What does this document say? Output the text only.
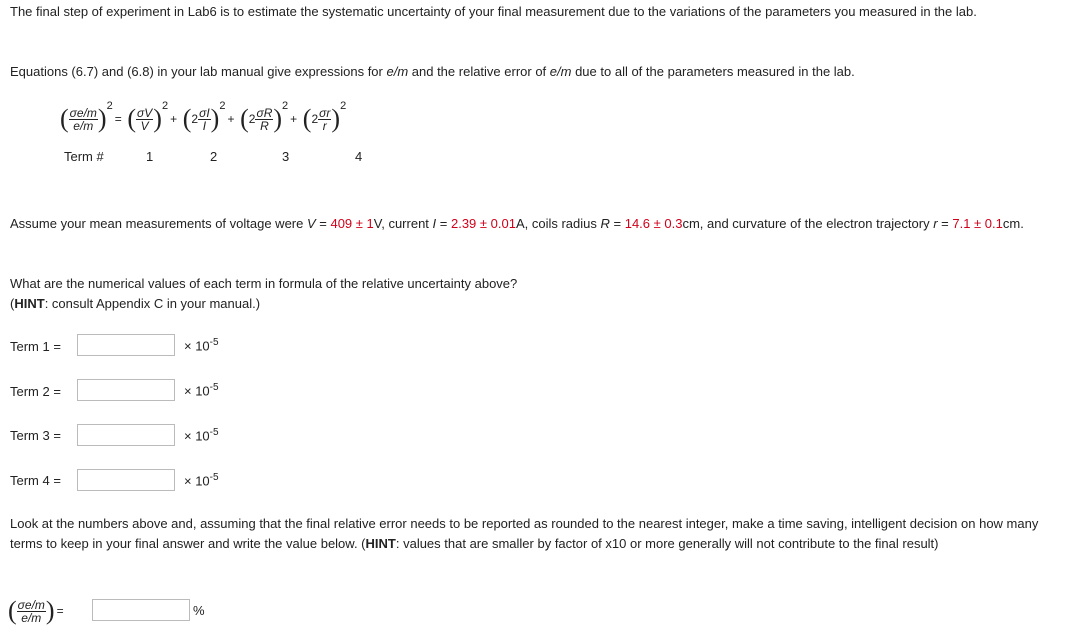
The final step of experiment in Lab6 is to estimate the systematic uncertainty of your final measurement due to the variations of the parameters you measured in the lab.

Equations (6.7) and (6.8) in your lab manual give expressions for e/m and the relative error of e/m due to all of the parameters measured in the lab.

( $\frac{\sigma e/m}{e/m} )^2=$ ( $\frac{\sigma V}{V} )^2+ (2 \frac{\sigma I}{I} )^2+ (2 \frac{\sigma R}{R} )^2+ (2 \frac{\sigma r}{r} )^2$
Term #	1	2	3	4

Assume your mean measurements of voltage were V = 409 ± 1V, current I = 2.39 ± 0.01A, coils radius R = 14.6 ± 0.3cm, and curvature of the electron trajectory r = 7.1 ± 0.1cm.

What are the numerical values of each term in formula of the relative uncertainty above?

(HINT: consult Appendix C in your manual.)

Term 1 =	× $10^{-5}$
Term 2 =	× $10^{-5}$
Term 3 =	× $10^{-5}$
Term 4 =	× $10^{-5}$

Look at the numbers above and, assuming that the final relative error needs to be reported as rounded to the nearest integer, make a time saving, intelligent decision on how many terms to keep in your final answer and write the value below. (HINT: values that are smaller by factor of x10 or more generally will not contribute to the final result)

( $\frac{\sigma e/m}{e/m}$ ) =	%
